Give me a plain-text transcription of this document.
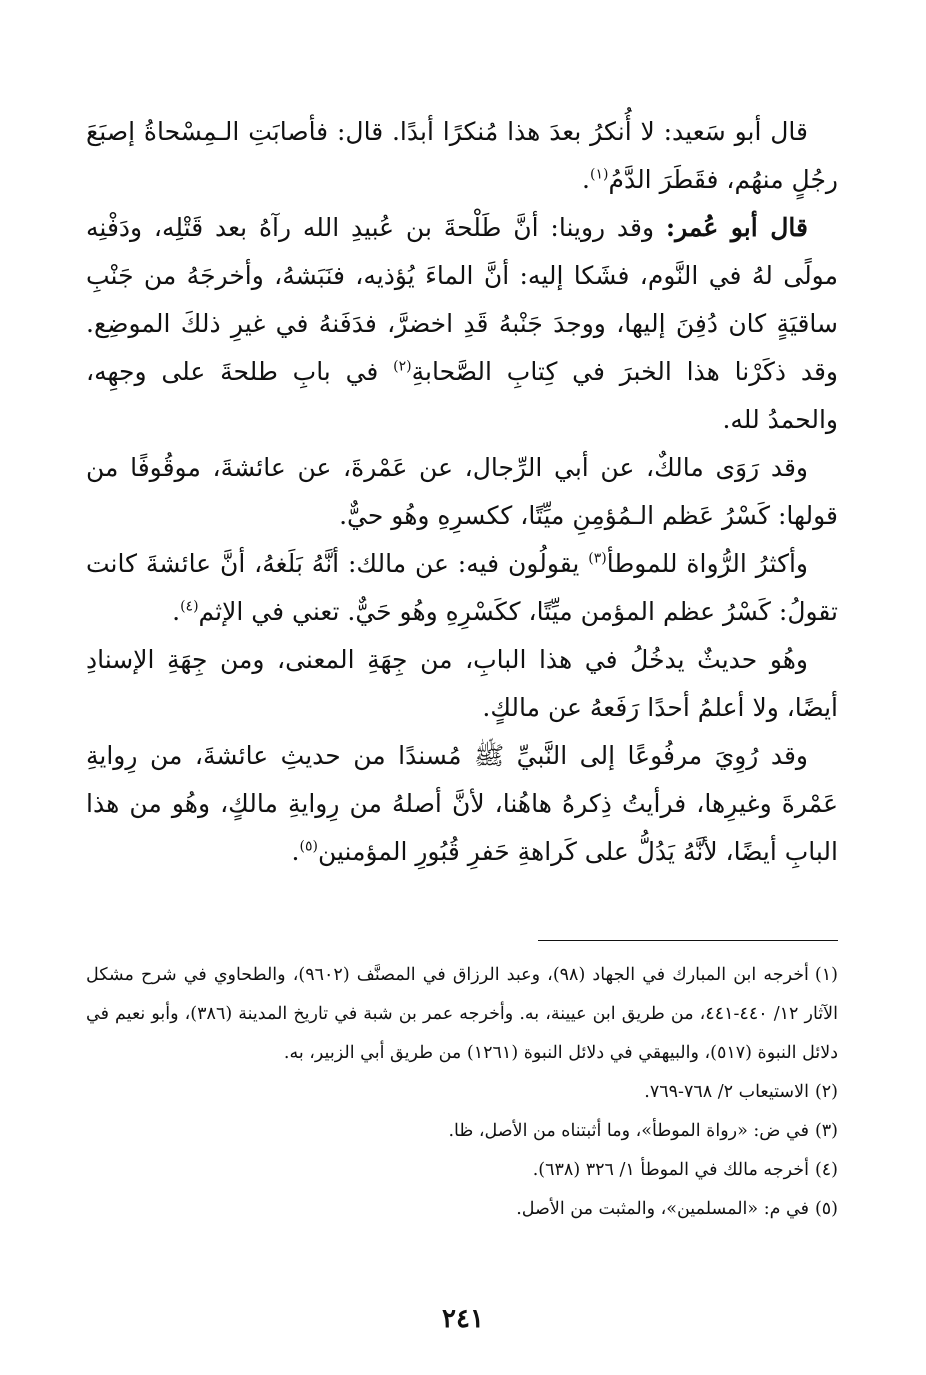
قال أبو سَعيد: لا أُنكرُ بعدَ هذا مُنكرًا أبدًا. قال: فأصابَتِ الـمِسْحاةُ إصبَعَ رجُلٍ منهُم، فقَطَرَ الدَّمُ$^{(١)}$.

قال أبو عُمر: وقد روينا: أنَّ طَلْحةَ بن عُبيدِ الله رآهُ بعد قَتْلِه، ودَفْنِه مولًى لهُ في النَّوم، فشَكا إليه: أنَّ الماءَ يُؤذيه، فنَبَشهُ، وأخرجَهُ من جَنْبِ ساقيَةٍ كان دُفِنَ إليها، ووجدَ جَنْبهُ قَدِ اخضرَّ، فدَفَنهُ في غيرِ ذلكَ الموضِع. وقد ذكَرْنا هذا الخبرَ في كِتابِ الصَّحابةِ$^{(٢)}$ في بابِ طلحةَ على وجهِه، والحمدُ لله.

وقد رَوَى مالكٌ، عن أبي الرِّجال، عن عَمْرةَ، عن عائشةَ، موقُوفًا من قولها: كَسْرُ عَظم الـمُؤمِنِ ميِّتًا، ككسرِهِ وهُو حيٌّ.

وأكثرُ الرُّواة للموطأ$^{(٣)}$ يقولُون فيه: عن مالك: أنَّهُ بَلَغهُ، أنَّ عائشةَ كانت تقولُ: كَسْرُ عظم المؤمن ميِّتًا، ككَسْرِهِ وهُو حَيٌّ. تعني في الإثم$^{(٤)}$.

وهُو حديثٌ يدخُلُ في هذا البابِ، من جِهَةِ المعنى، ومن جِهَةِ الإسنادِ أيضًا، ولا أعلمُ أحدًا رَفَعهُ عن مالكٍ.

وقد رُوِيَ مرفُوعًا إلى النَّبيِّ ﷺ مُسندًا من حديثِ عائشةَ، من رِوايةِ عَمْرةَ وغيرِها، فرأيتُ ذِكرهُ هاهُنا، لأنَّ أصلهُ من رِوايةِ مالكٍ، وهُو من هذا البابِ أيضًا، لأنَّهُ يَدُلُّ على كَراهةِ حَفرِ قُبُورِ المؤمنين$^{(٥)}$.

(١)أخرجه ابن المبارك في الجهاد (٩٨)، وعبد الرزاق في المصنَّف (٩٦٠٢)، والطحاوي في شرح مشكل الآثار ١٢/ ٤٤٠-٤٤١، من طريق ابن عيينة، به. وأخرجه عمر بن شبة في تاريخ المدينة (٣٨٦)، وأبو نعيم في دلائل النبوة (٥١٧)، والبيهقي في دلائل النبوة (١٢٦١) من طريق أبي الزبير، به.

(٢)الاستيعاب ٢/ ٧٦٨-٧٦٩.

(٣)في ض: «رواة الموطأ»، وما أثبتناه من الأصل، ظا.

(٤)أخرجه مالك في الموطأ ١/ ٣٢٦ (٦٣٨).

(٥)في م: «المسلمين»، والمثبت من الأصل.

٢٤١
